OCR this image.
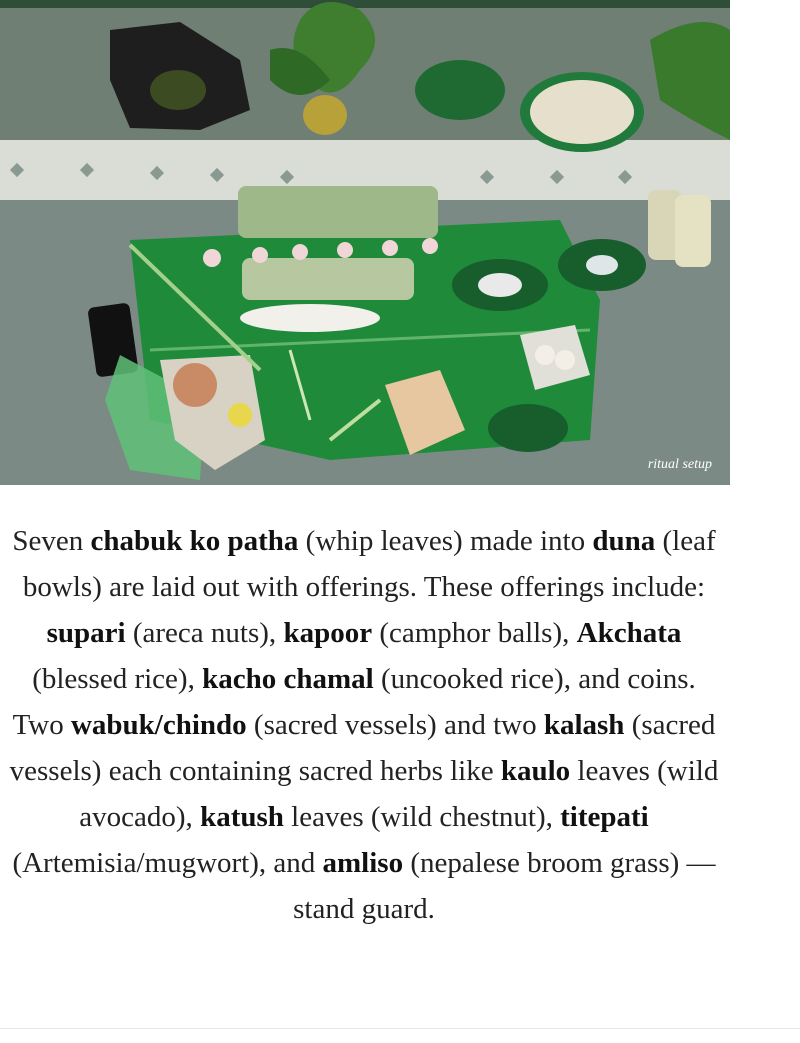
ritual setup

Seven chabuk ko patha (whip leaves) made into duna (leaf bowls) are laid out with offerings. These offerings include: supari (areca nuts), kapoor (camphor balls), Akchata (blessed rice), kacho chamal (uncooked rice), and coins. Two wabuk/chindo (sacred vessels) and two kalash (sacred vessels) each containing sacred herbs like kaulo leaves (wild avocado), katush leaves (wild chestnut), titepati (Artemisia/mugwort), and amliso (nepalese broom grass) — stand guard.
